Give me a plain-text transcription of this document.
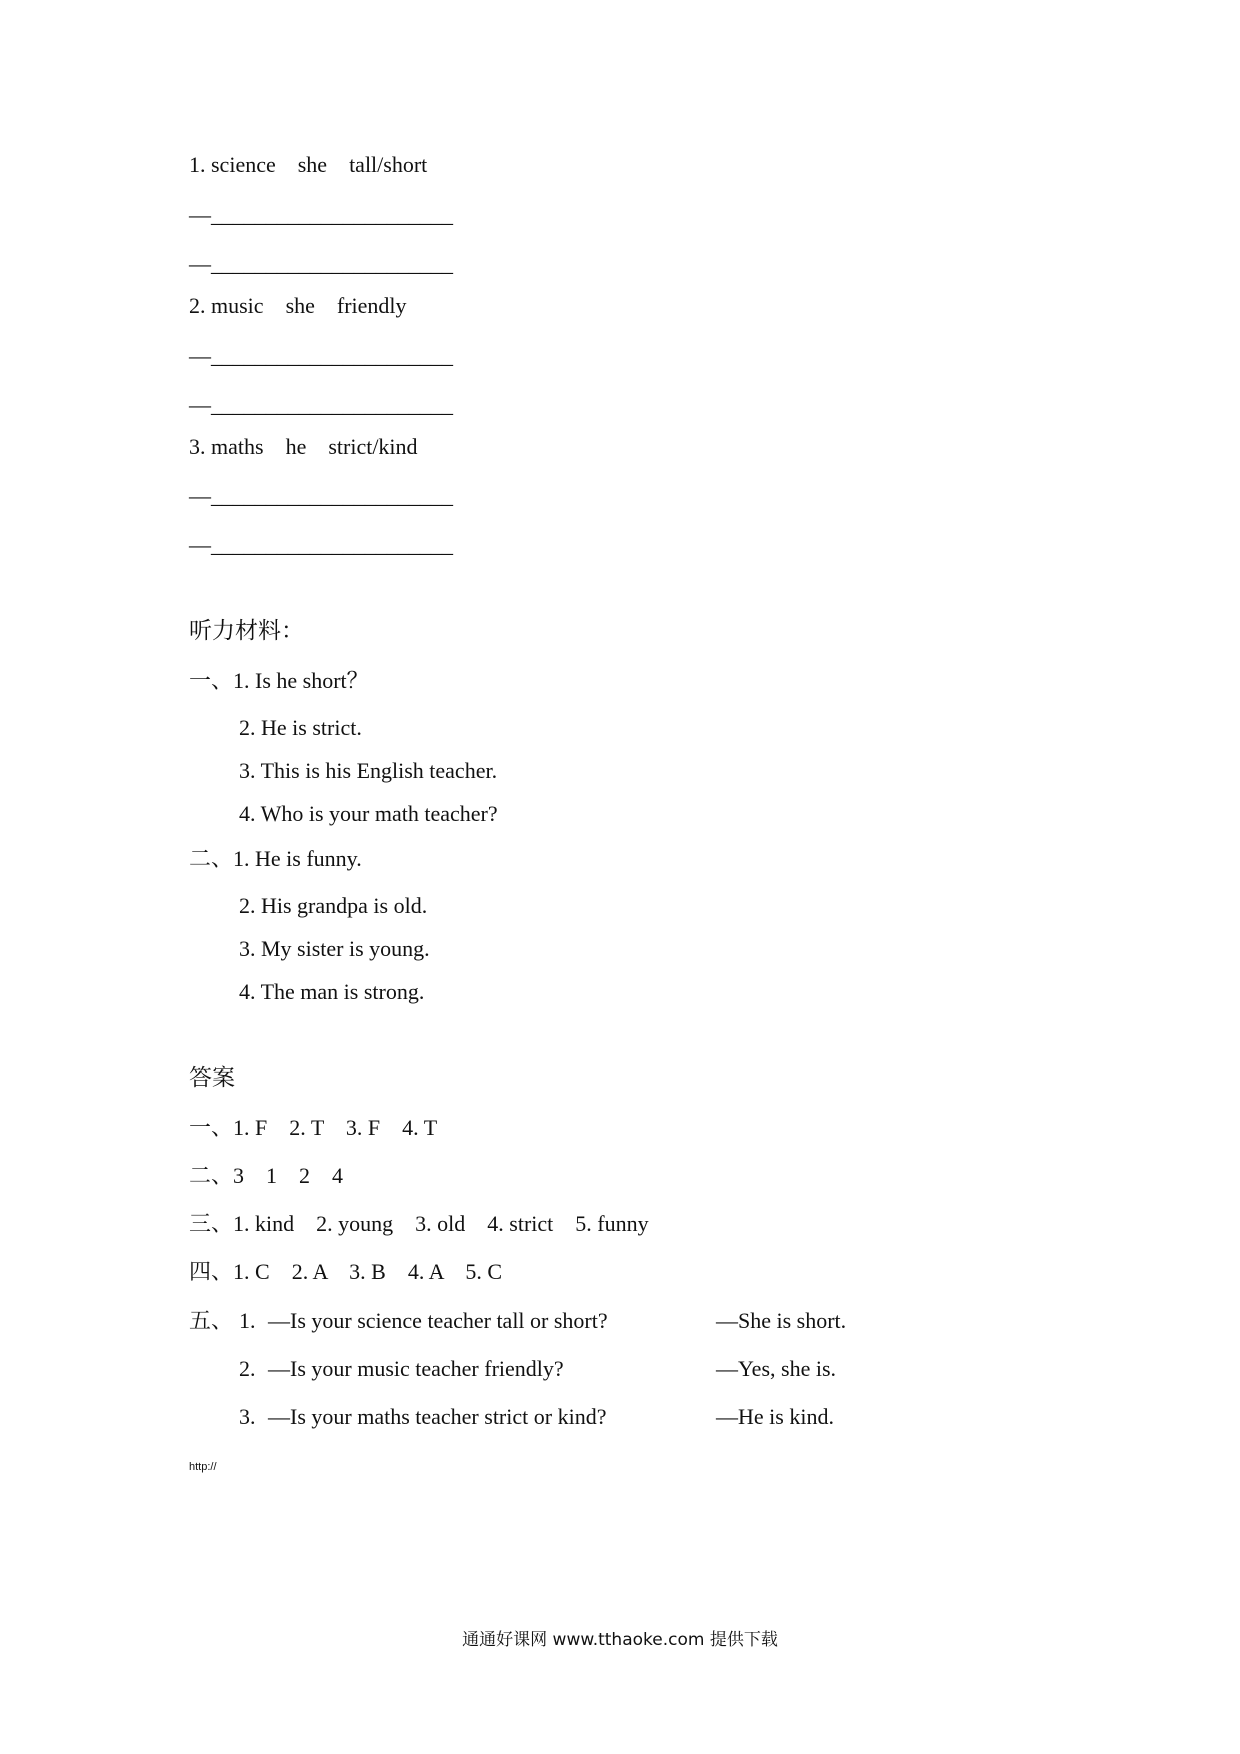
1. science she tall/short
—______________________
—______________________
2. music she friendly
—______________________
—______________________
3. maths he strict/kind
—______________________
—______________________
听力材料：
一、1. Is he short？
2. He is strict.
3. This is his English teacher.
4. Who is your math teacher?
二、1. He is funny.
2. His grandpa is old.
3. My sister is young.
4. The man is strong.
答案
一、1. F 2. T 3. F 4. T
二、3 1 2 4
三、1. kind 2. young 3. old 4. strict 5. funny
四、1. C 2. A 3. B 4. A 5. C
五、 1. —Is your science teacher tall or short?	—She is short.
2. —Is your music teacher friendly?	—Yes, she is.
3. —Is your maths teacher strict or kind?	—He is kind.
http://
通通好课网 www.tthaoke.com 提供下载
